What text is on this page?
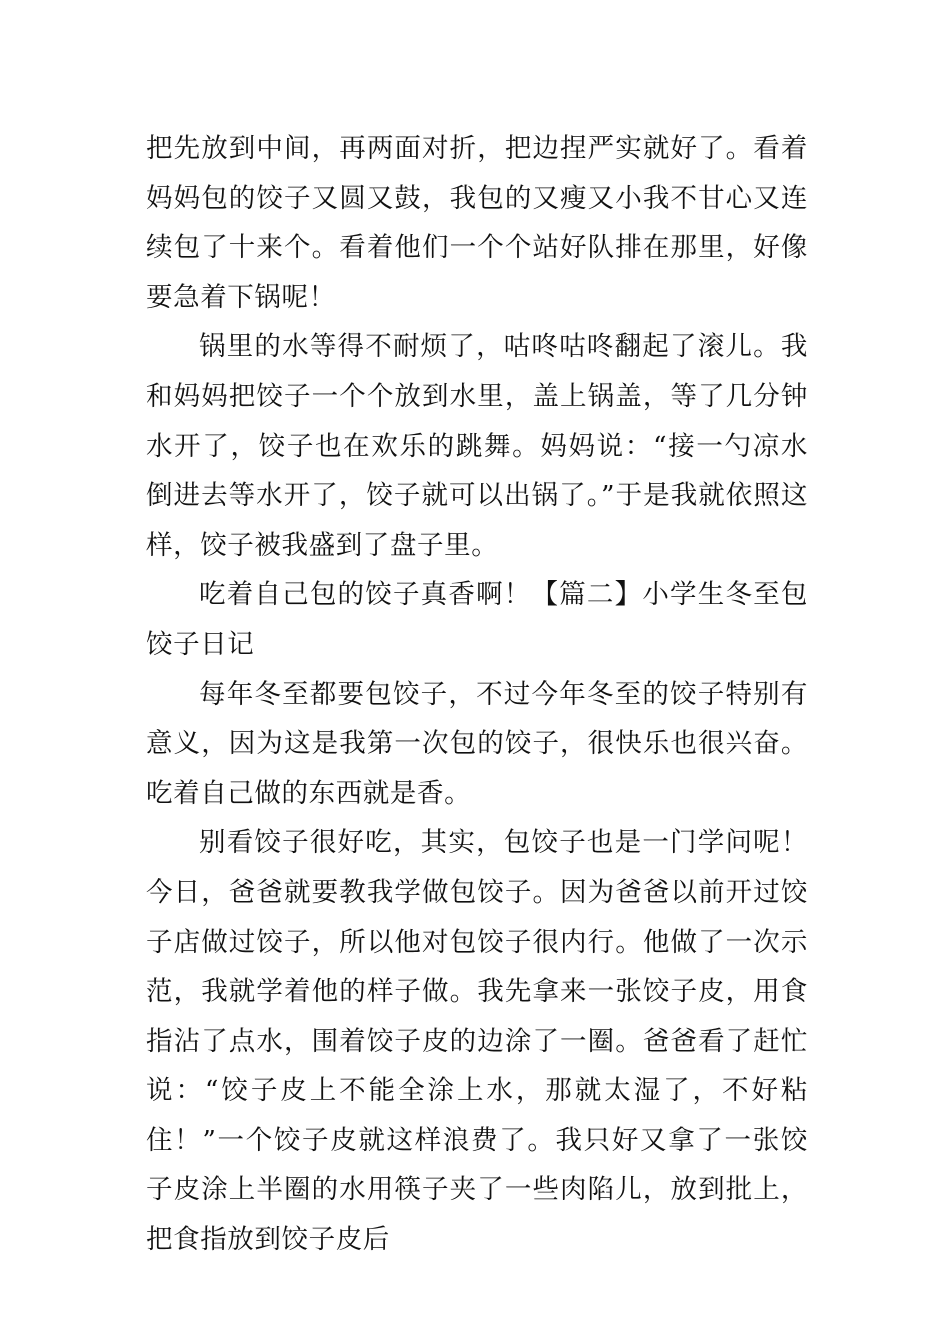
把先放到中间，再两面对折，把边捏严实就好了。看着妈妈包的饺子又圆又鼓，我包的又瘦又小我不甘心又连续包了十来个。看着他们一个个站好队排在那里，好像要急着下锅呢！

锅里的水等得不耐烦了，咕咚咕咚翻起了滚儿。我和妈妈把饺子一个个放到水里，盖上锅盖，等了几分钟水开了，饺子也在欢乐的跳舞。妈妈说：“接一勺凉水倒进去等水开了，饺子就可以出锅了。”于是我就依照这样，饺子被我盛到了盘子里。

吃着自己包的饺子真香啊！【篇二】小学生冬至包饺子日记

每年冬至都要包饺子，不过今年冬至的饺子特别有意义，因为这是我第一次包的饺子，很快乐也很兴奋。吃着自己做的东西就是香。

别看饺子很好吃，其实，包饺子也是一门学问呢！今日，爸爸就要教我学做包饺子。因为爸爸以前开过饺子店做过饺子，所以他对包饺子很内行。他做了一次示范，我就学着他的样子做。我先拿来一张饺子皮，用食指沾了点水，围着饺子皮的边涂了一圈。爸爸看了赶忙说：“饺子皮上不能全涂上水，那就太湿了，不好粘住！”一个饺子皮就这样浪费了。我只好又拿了一张饺子皮涂上半圈的水用筷子夹了一些肉陷儿，放到批上，把食指放到饺子皮后
